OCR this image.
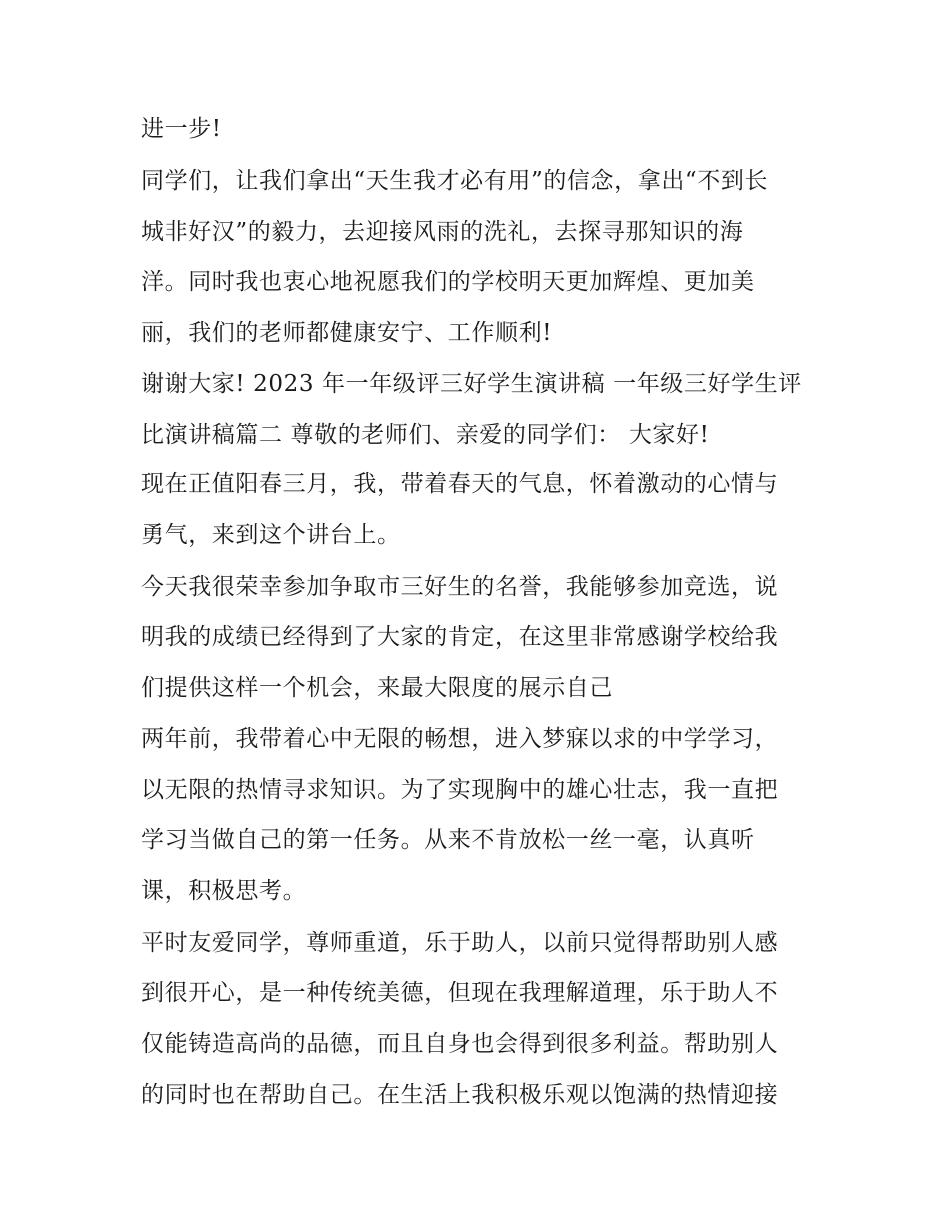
进一步!
同学们，让我们拿出“天生我才必有用”的信念，拿出“不到长
城非好汉”的毅力，去迎接风雨的洗礼，去探寻那知识的海
洋。同时我也衷心地祝愿我们的学校明天更加辉煌、更加美
丽，我们的老师都健康安宁、工作顺利!
谢谢大家! 2023 年一年级评三好学生演讲稿 一年级三好学生评
比演讲稿篇二 尊敬的老师们、亲爱的同学们： 大家好!
现在正值阳春三月，我，带着春天的气息，怀着激动的心情与
勇气，来到这个讲台上。
今天我很荣幸参加争取市三好生的名誉，我能够参加竞选，说
明我的成绩已经得到了大家的肯定，在这里非常感谢学校给我
们提供这样一个机会，来最大限度的展示自己
两年前，我带着心中无限的畅想，进入梦寐以求的中学学习，
以无限的热情寻求知识。为了实现胸中的雄心壮志，我一直把
学习当做自己的第一任务。从来不肯放松一丝一毫，认真听
课，积极思考。
平时友爱同学，尊师重道，乐于助人，以前只觉得帮助别人感
到很开心，是一种传统美德，但现在我理解道理，乐于助人不
仅能铸造高尚的品德，而且自身也会得到很多利益。帮助别人
的同时也在帮助自己。在生活上我积极乐观以饱满的热情迎接
